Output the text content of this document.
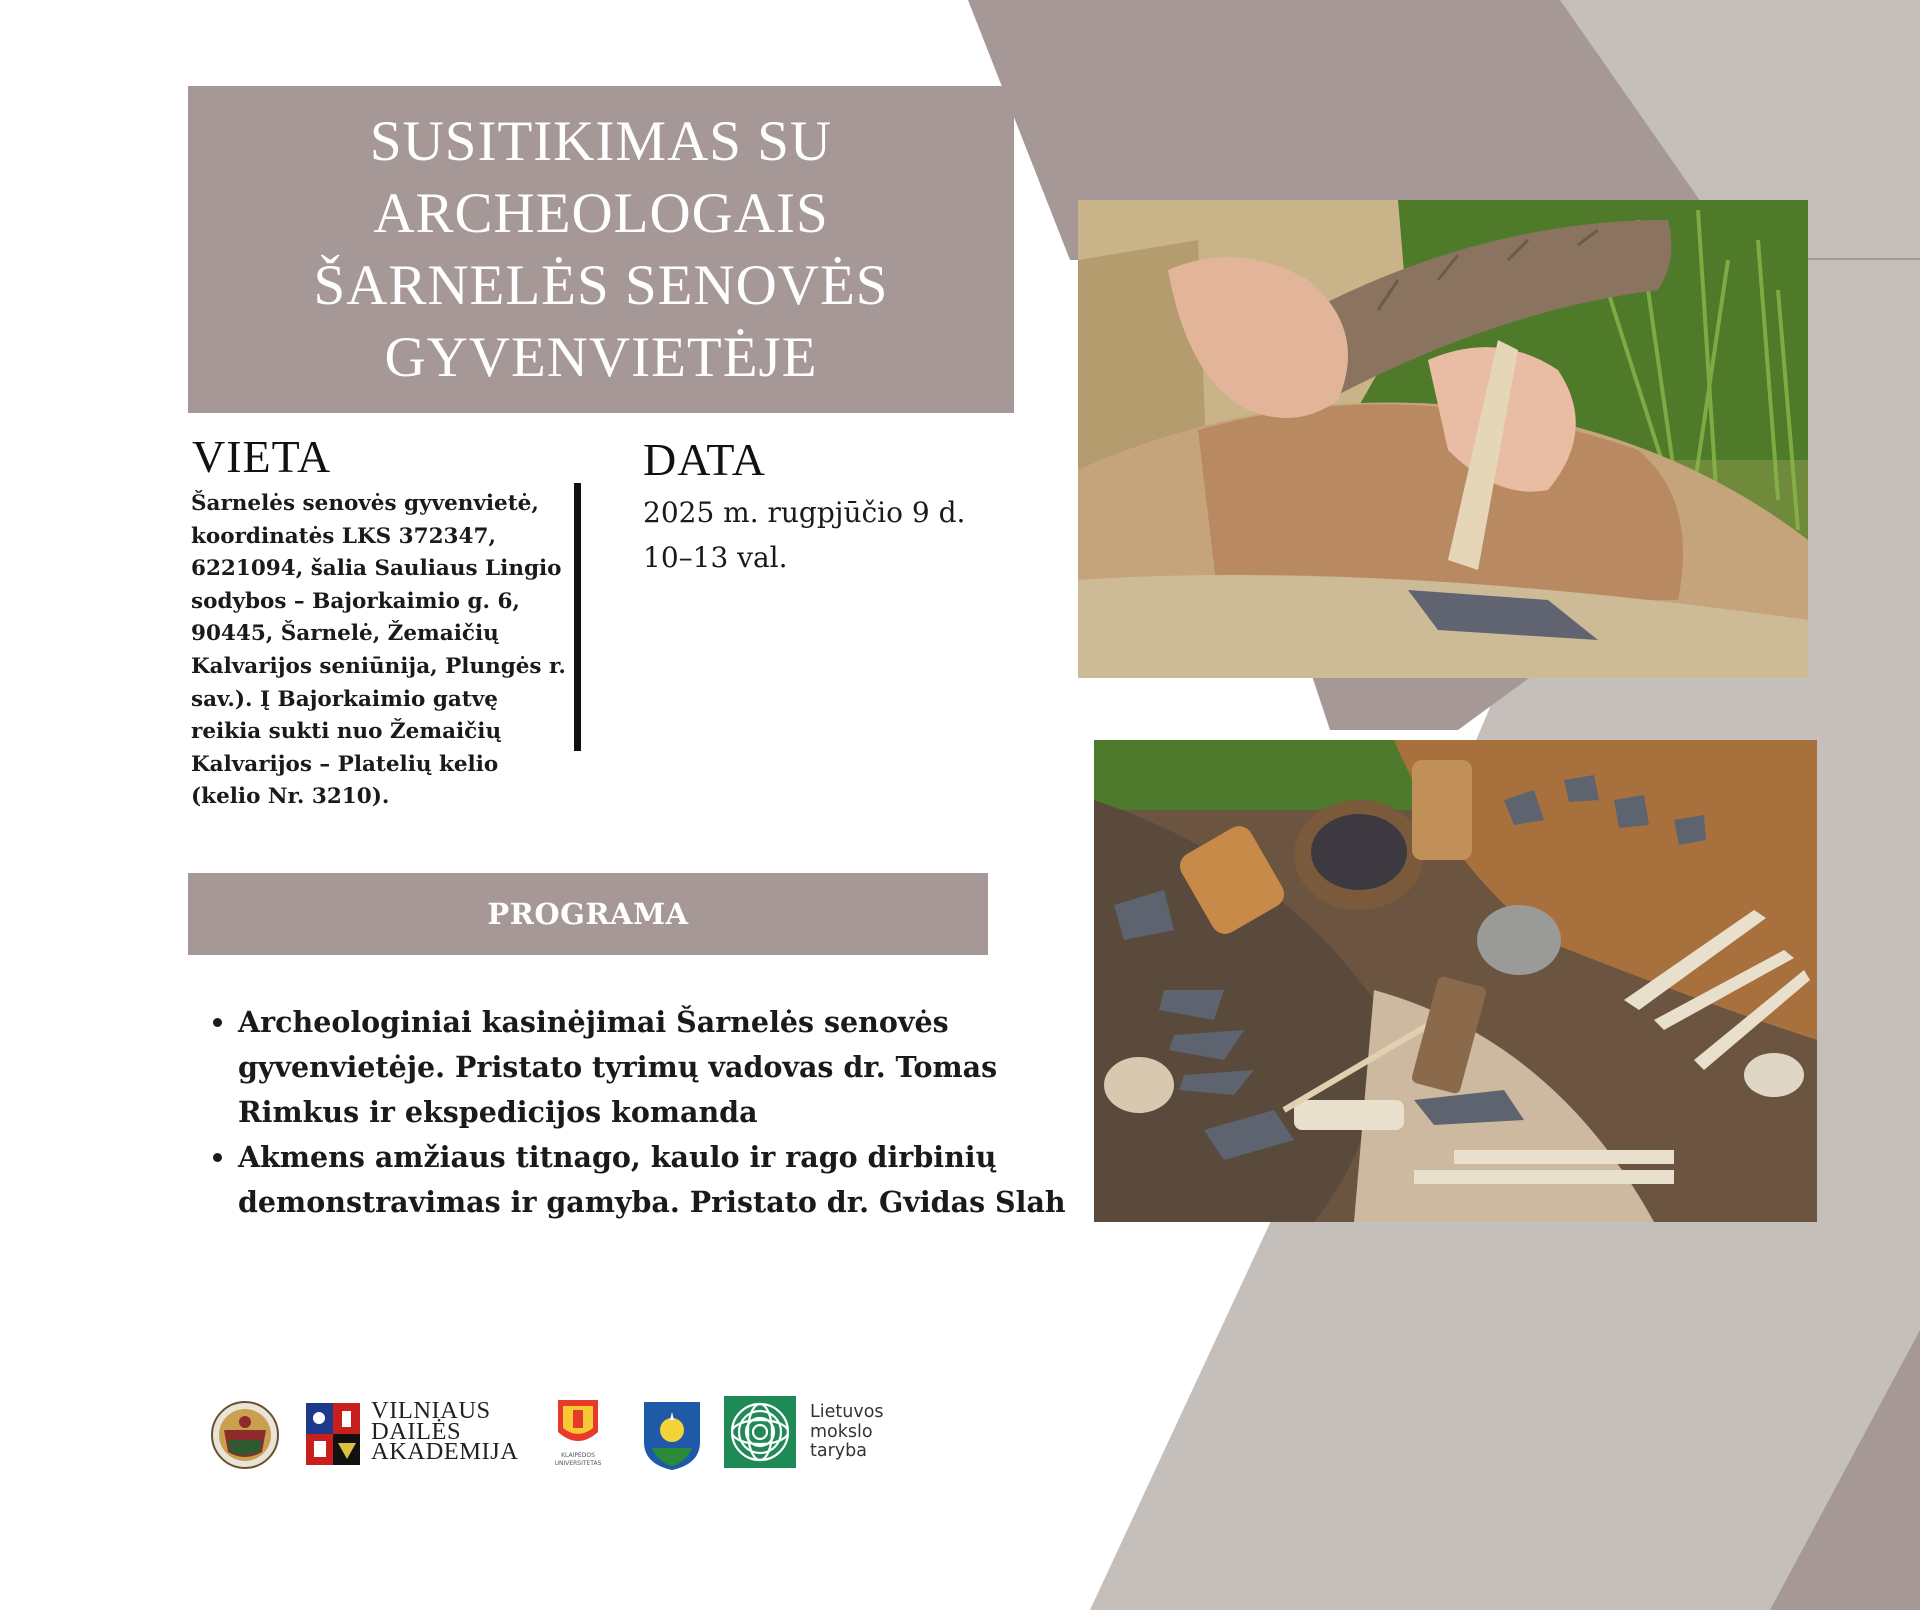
SUSITIKIMAS SU
ARCHEOLOGAIS
ŠARNELĖS SENOVĖS
GYVENVIETĖJE
VIETA
Šarnelės senovės gyvenvietė,
koordinatės LKS 372347,
6221094, šalia Sauliaus Lingio
sodybos – Bajorkaimio g. 6,
90445, Šarnelė, Žemaičių
Kalvarijos seniūnija, Plungės r.
sav.). Į Bajorkaimio gatvę
reikia sukti nuo Žemaičių
Kalvarijos – Platelių kelio
(kelio Nr. 3210).
DATA
2025 m. rugpjūčio 9 d.
10–13 val.
PROGRAMA
• Archeologiniai kasinėjimai Šarnelės senovės gyvenvietėje. Pristato tyrimų vadovas dr. Tomas Rimkus ir ekspedicijos komanda
• Akmens amžiaus titnago, kaulo ir rago dirbinių demonstravimas ir gamyba. Pristato dr. Gvidas Slah
VILNIAUS
DAILĖS
AKADEMIJA	KLAIPĖDOS
UNIVERSITETAS
Lietuvos
mokslo
taryba
